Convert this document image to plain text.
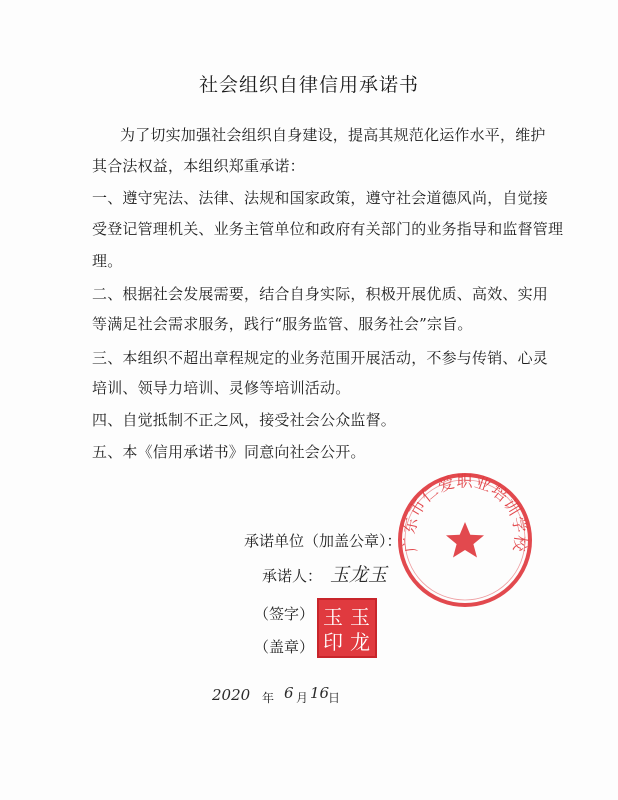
社会组织自律信用承诺书
为了切实加强社会组织自身建设，提高其规范化运作水平，维护
其合法权益，本组织郑重承诺：
一、遵守宪法、法律、法规和国家政策，遵守社会道德风尚，自觉接
受登记管理机关、业务主管单位和政府有关部门的业务指导和监督管理
理。
二、根据社会发展需要，结合自身实际，积极开展优质、高效、实用
等满足社会需求服务，践行“服务监管、服务社会”宗旨。
三、本组织不超出章程规定的业务范围开展活动，不参与传销、心灵
培训、领导力培训、灵修等培训活动。
四、自觉抵制不正之风，接受社会公众监督。
五、本《信用承诺书》同意向社会公开。
广东市仁爱职业培训学校
承诺单位（加盖公章）：
承诺人： 玉龙玉
（签字）
（盖章）
玉 玉
印 龙
2020 年 6 月 16
日
